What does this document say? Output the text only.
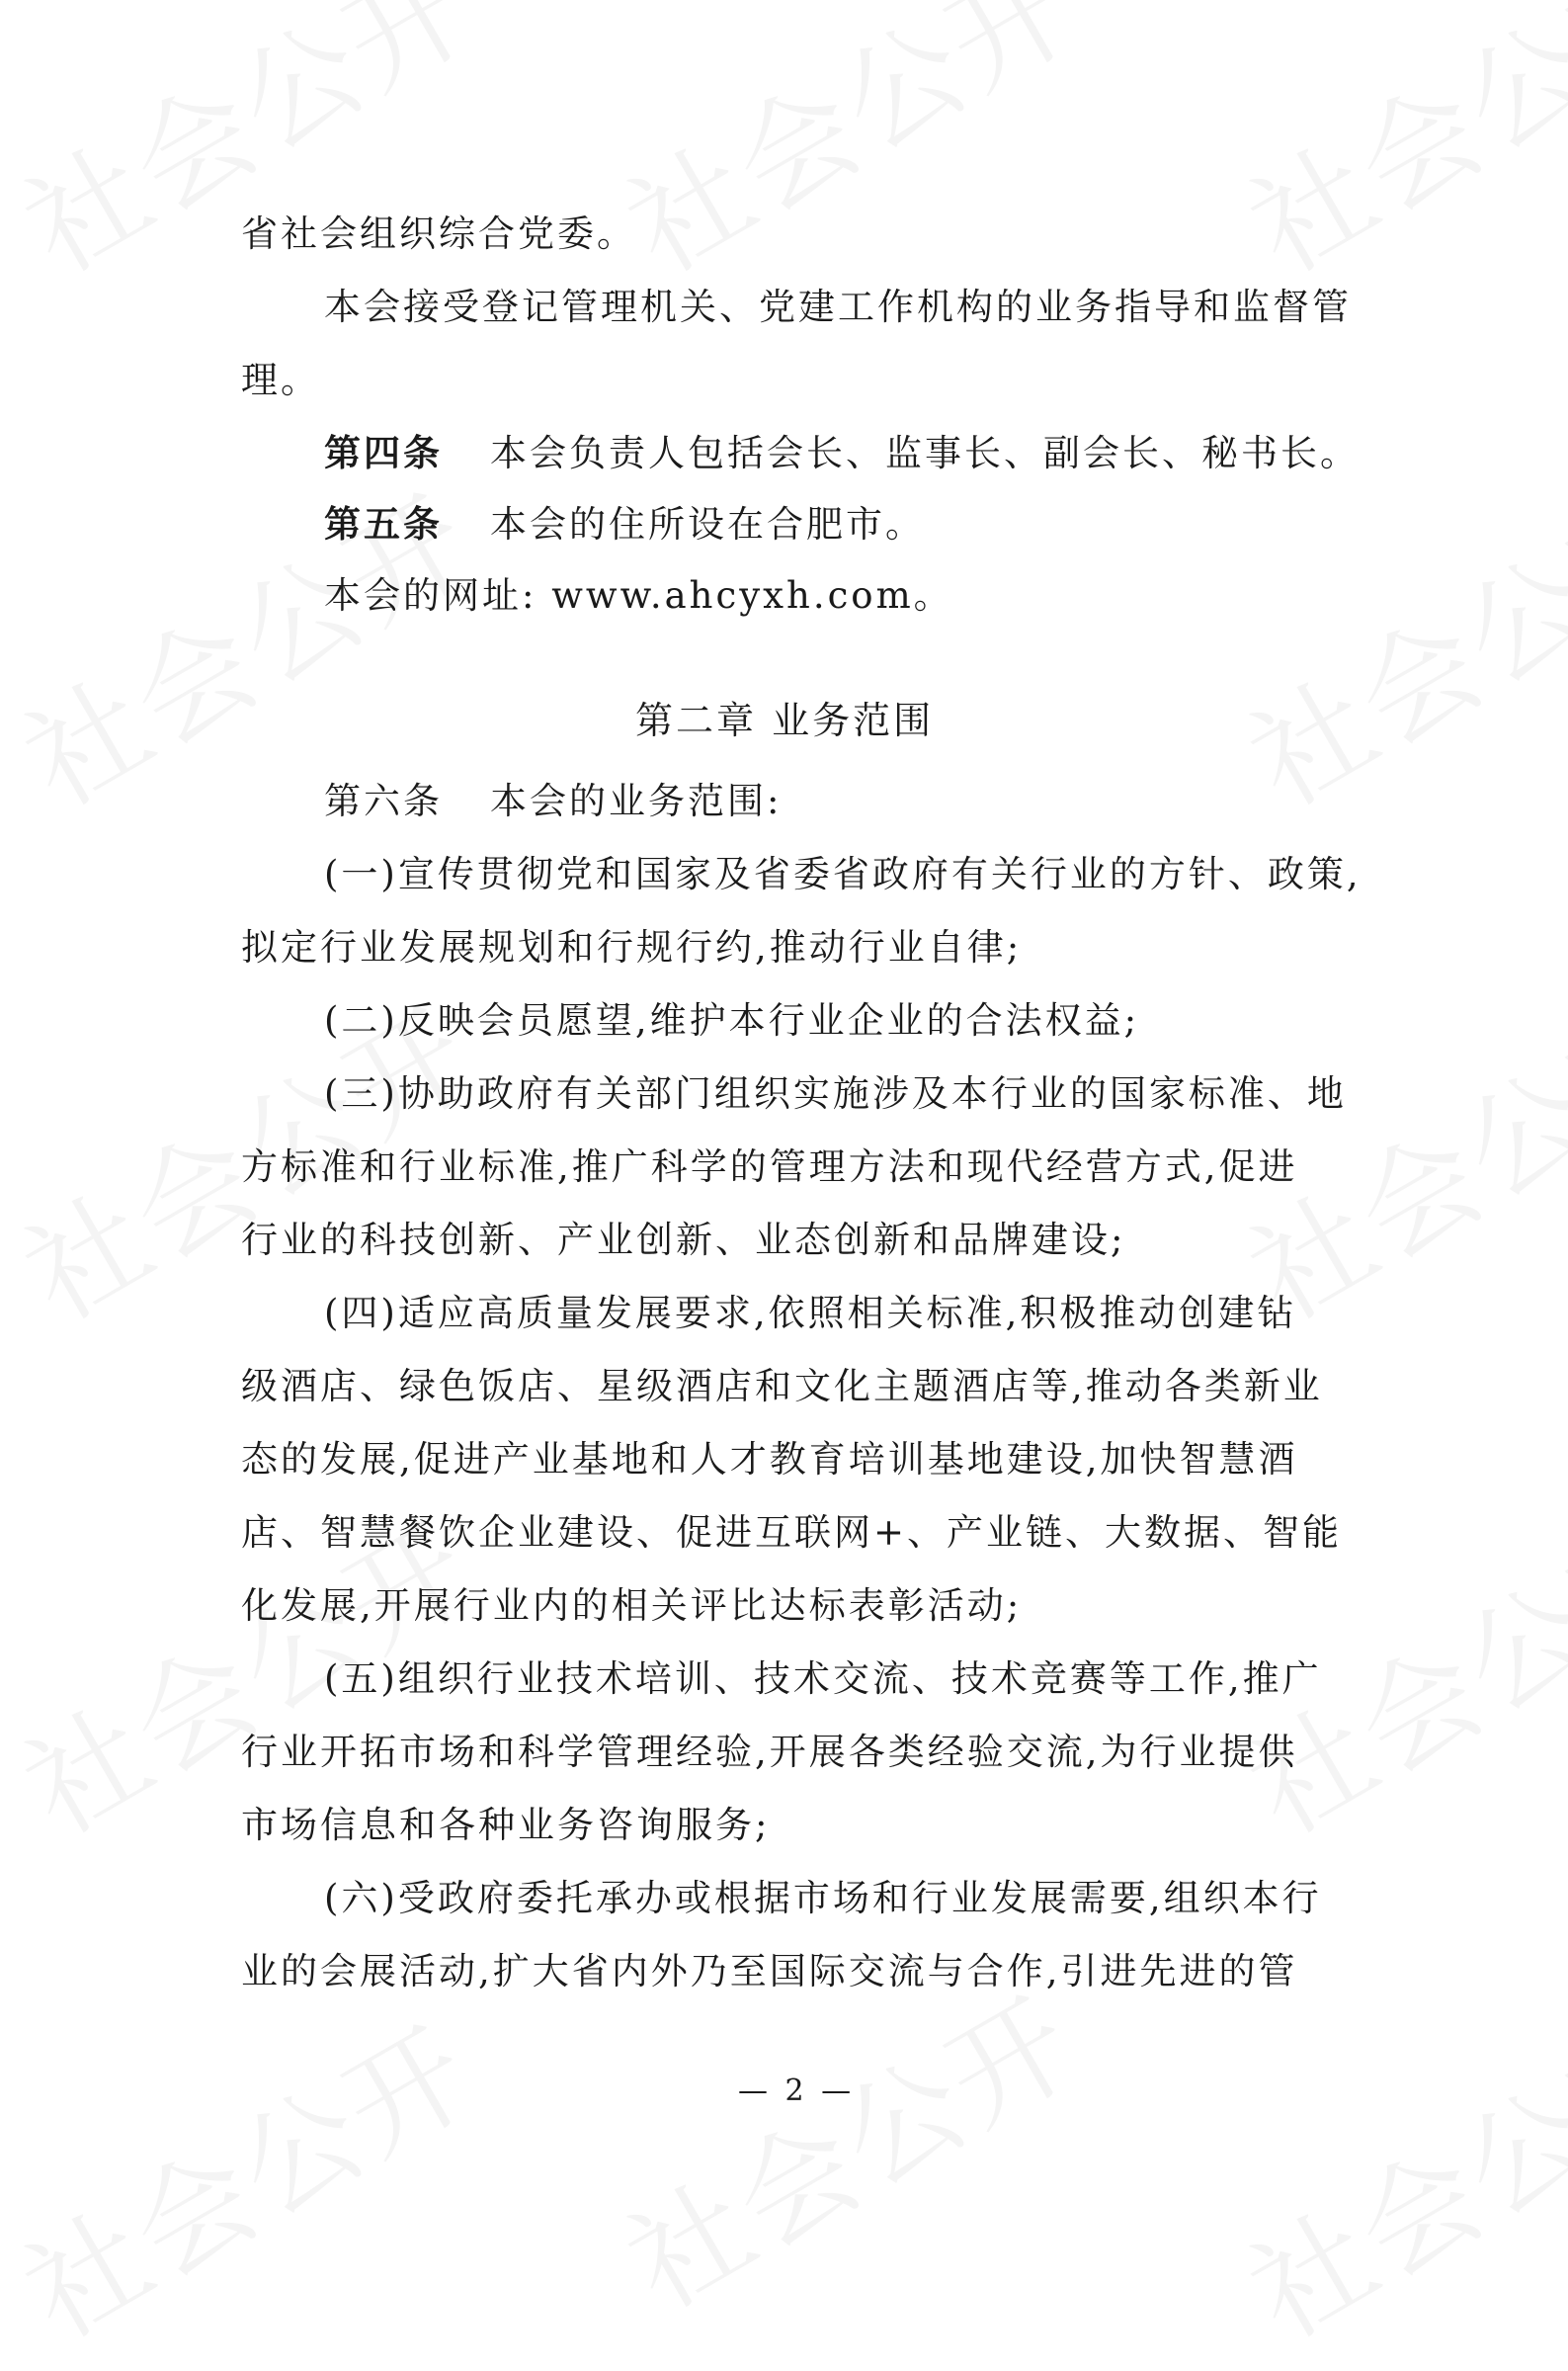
省社会组织综合党委。
本会接受登记管理机关、党建工作机构的业务指导和监督管
理。
第四条 本会负责人包括会长、监事长、副会长、秘书长。
第五条 本会的住所设在合肥市。
本会的网址: www.ahcyxh.com。
第二章 业务范围
第六条 本会的业务范围:
(一)宣传贯彻党和国家及省委省政府有关行业的方针、政策,
拟定行业发展规划和行规行约,推动行业自律;
(二)反映会员愿望,维护本行业企业的合法权益;
(三)协助政府有关部门组织实施涉及本行业的国家标准、地
方标准和行业标准,推广科学的管理方法和现代经营方式,促进
行业的科技创新、产业创新、业态创新和品牌建设;
(四)适应高质量发展要求,依照相关标准,积极推动创建钻
级酒店、绿色饭店、星级酒店和文化主题酒店等,推动各类新业
态的发展,促进产业基地和人才教育培训基地建设,加快智慧酒
店、智慧餐饮企业建设、促进互联网+、产业链、大数据、智能
化发展,开展行业内的相关评比达标表彰活动;
(五)组织行业技术培训、技术交流、技术竞赛等工作,推广
行业开拓市场和科学管理经验,开展各类经验交流,为行业提供
市场信息和各种业务咨询服务;
(六)受政府委托承办或根据市场和行业发展需要,组织本行
业的会展活动,扩大省内外乃至国际交流与合作,引进先进的管
— 2 —
